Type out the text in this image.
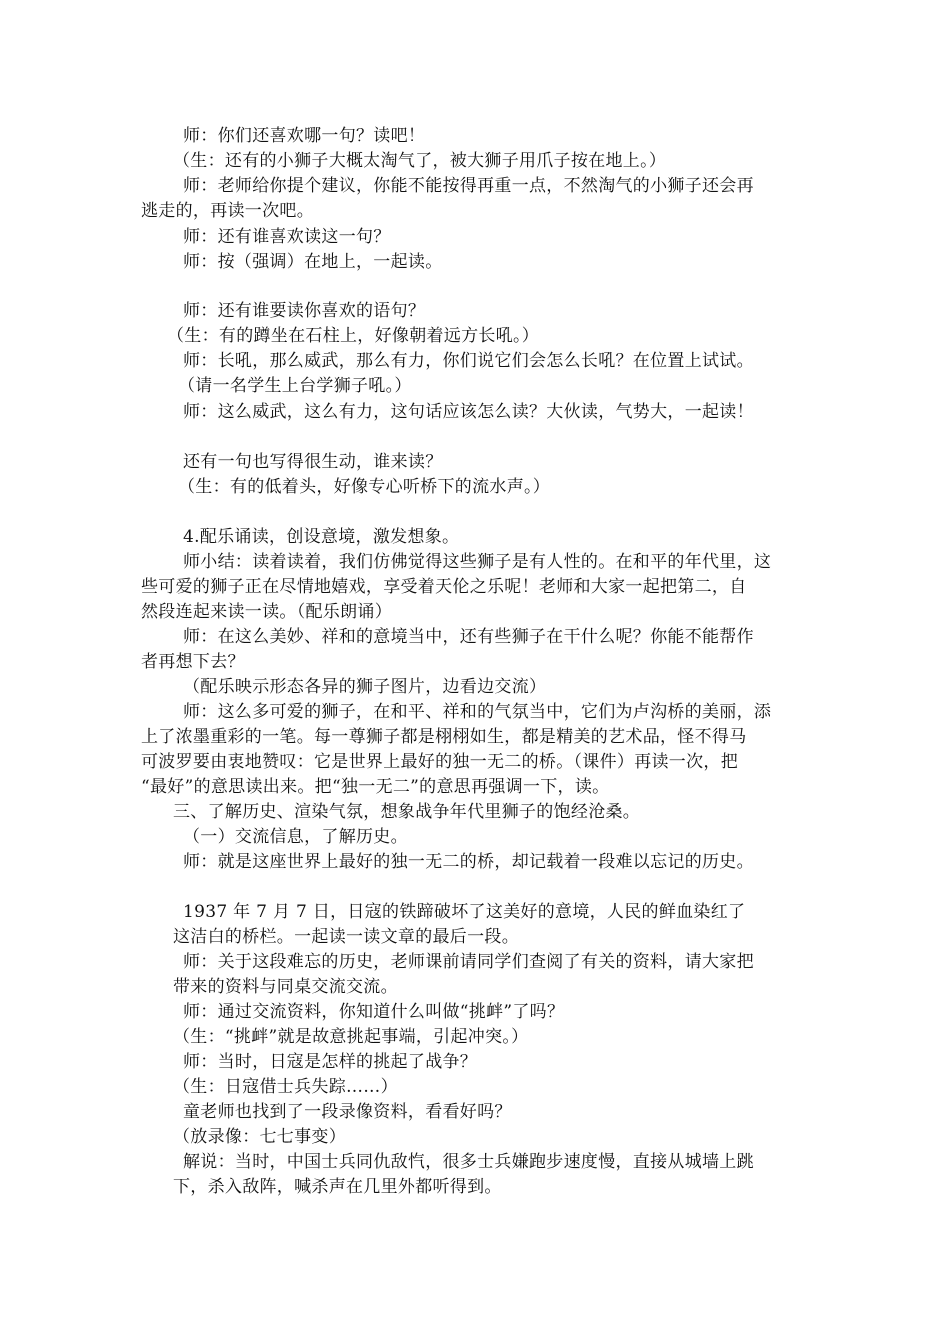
师：你们还喜欢哪一句？读吧！
（生：还有的小狮子大概太淘气了，被大狮子用爪子按在地上。）
师：老师给你提个建议，你能不能按得再重一点，不然淘气的小狮子还会再
逃走的，再读一次吧。
师：还有谁喜欢读这一句？
师：按（强调）在地上，一起读。
师：还有谁要读你喜欢的语句？
（生：有的蹲坐在石柱上，好像朝着远方长吼。）
师：长吼，那么威武，那么有力，你们说它们会怎么长吼？在位置上试试。
（请一名学生上台学狮子吼。）
师：这么威武，这么有力，这句话应该怎么读？大伙读，气势大，一起读！
还有一句也写得很生动，谁来读？
（生：有的低着头，好像专心听桥下的流水声。）
4.配乐诵读，创设意境，激发想象。
师小结：读着读着，我们仿佛觉得这些狮子是有人性的。在和平的年代里，这
些可爱的狮子正在尽情地嬉戏，享受着天伦之乐呢！老师和大家一起把第二，自
然段连起来读一读。（配乐朗诵）
师：在这么美妙、祥和的意境当中，还有些狮子在干什么呢？你能不能帮作
者再想下去？
（配乐映示形态各异的狮子图片，边看边交流）
师：这么多可爱的狮子，在和平、祥和的气氛当中，它们为卢沟桥的美丽，添
上了浓墨重彩的一笔。每一尊狮子都是栩栩如生，都是精美的艺术品，怪不得马
可波罗要由衷地赞叹：它是世界上最好的独一无二的桥。（课件）再读一次，把
“最好”的意思读出来。把“独一无二”的意思再强调一下，读。
三、了解历史、渲染气氛，想象战争年代里狮子的饱经沧桑。
（一）交流信息，了解历史。
师：就是这座世界上最好的独一无二的桥，却记载着一段难以忘记的历史。
1937 年 7 月 7 日，日寇的铁蹄破坏了这美好的意境，人民的鲜血染红了
这洁白的桥栏。一起读一读文章的最后一段。
师：关于这段难忘的历史，老师课前请同学们查阅了有关的资料，请大家把
带来的资料与同桌交流交流。
师：通过交流资料，你知道什么叫做“挑衅”了吗？
（生：“挑衅”就是故意挑起事端，引起冲突。）
师：当时，日寇是怎样的挑起了战争？
（生：日寇借士兵失踪……）
童老师也找到了一段录像资料，看看好吗？
（放录像：七七事变）
解说：当时，中国士兵同仇敌忾，很多士兵嫌跑步速度慢，直接从城墙上跳
下，杀入敌阵，喊杀声在几里外都听得到。
